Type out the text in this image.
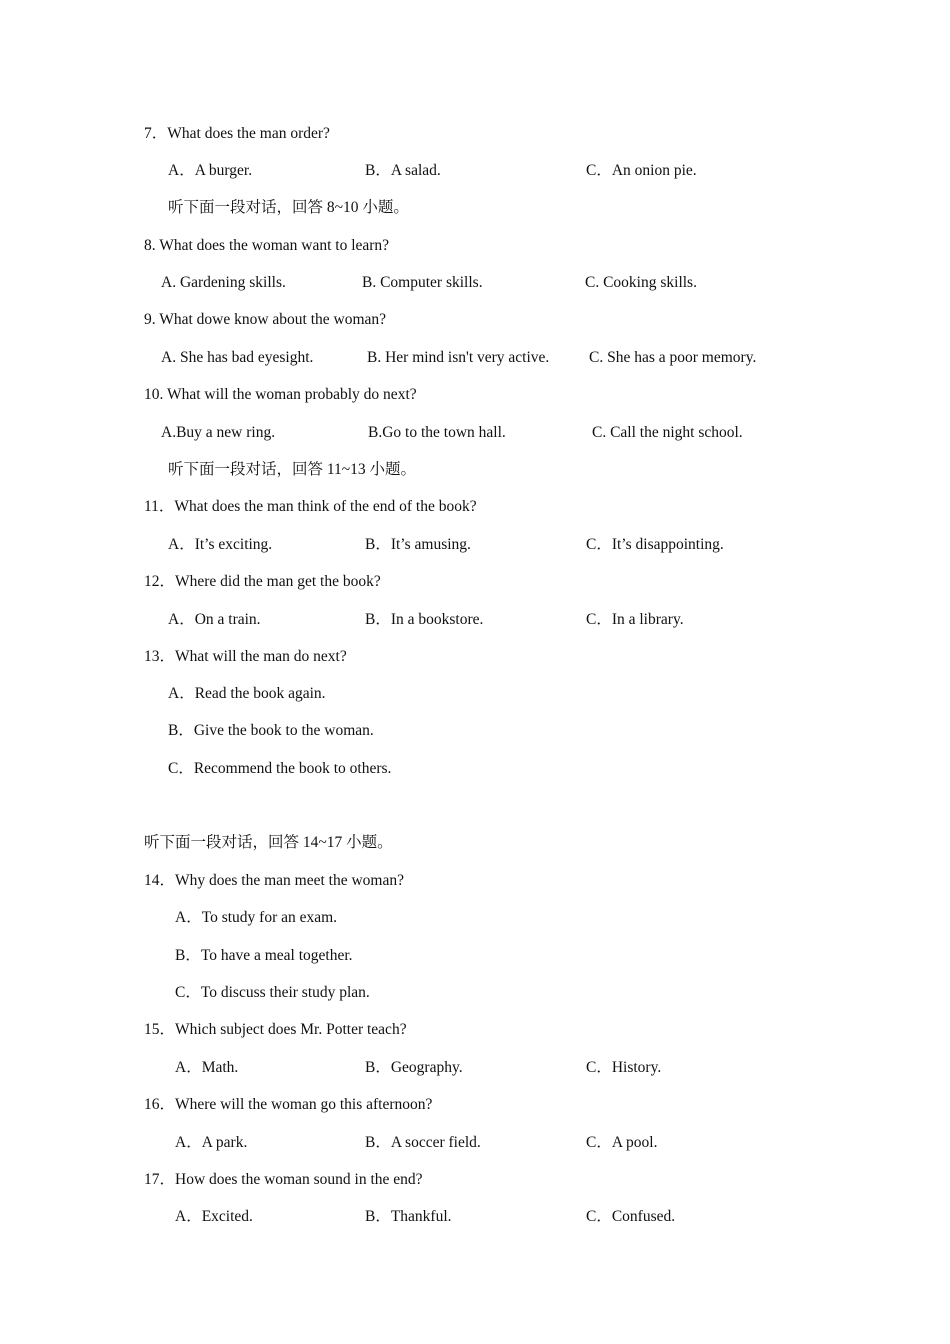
7．What does the man order?
A．A burger.	B．A salad.	C．An onion pie.
听下面一段对话，回答 8~10 小题。
8. What does the woman want to learn?
A. Gardening skills.	B. Computer skills.	C. Cooking skills.
9. What dowe know about the woman?
A. She has bad eyesight.	B. Her mind isn't very active.	C. She has a poor memory.
10. What will the woman probably do next?
A.Buy a new ring.	B.Go to the town hall.	C. Call the night school.
听下面一段对话，回答 11~13 小题。
11．What does the man think of the end of the book?
A．It’s exciting.	B．It’s amusing.	C．It’s disappointing.
12．Where did the man get the book?
A．On a train.	B．In a bookstore.	C．In a library.
13．What will the man do next?
A．Read the book again.
B．Give the book to the woman.
C．Recommend the book to others.
听下面一段对话，回答 14~17 小题。
14．Why does the man meet the woman?
A．To study for an exam.
B．To have a meal together.
C．To discuss their study plan.
15．Which subject does Mr. Potter teach?
A．Math.	B．Geography.	C．History.
16．Where will the woman go this afternoon?
A．A park.	B．A soccer field.	C．A pool.
17．How does the woman sound in the end?
A．Excited.	B．Thankful.	C．Confused.
